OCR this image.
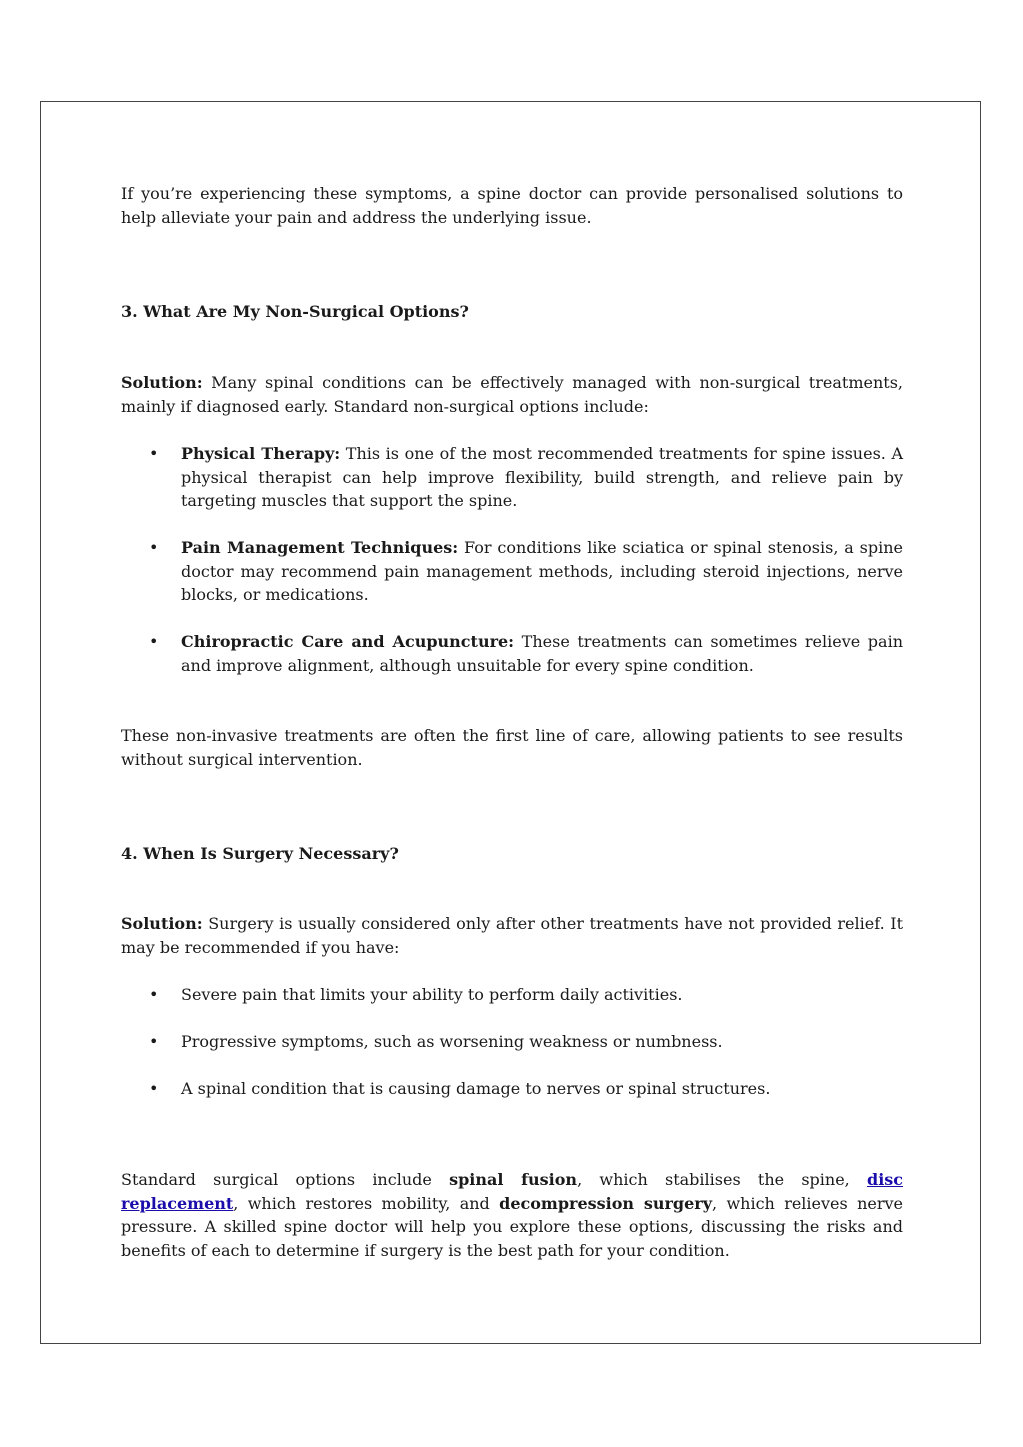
If you’re experiencing these symptoms, a spine doctor can provide personalised solutions to help alleviate your pain and address the underlying issue.

3. What Are My Non-Surgical Options?

Solution: Many spinal conditions can be effectively managed with non-surgical treatments, mainly if diagnosed early. Standard non-surgical options include:

• Physical Therapy: This is one of the most recommended treatments for spine issues. A physical therapist can help improve flexibility, build strength, and relieve pain by targeting muscles that support the spine.
• Pain Management Techniques: For conditions like sciatica or spinal stenosis, a spine doctor may recommend pain management methods, including steroid injections, nerve blocks, or medications.
• Chiropractic Care and Acupuncture: These treatments can sometimes relieve pain and improve alignment, although unsuitable for every spine condition.

These non-invasive treatments are often the first line of care, allowing patients to see results without surgical intervention.

4. When Is Surgery Necessary?

Solution: Surgery is usually considered only after other treatments have not provided relief. It may be recommended if you have:

• Severe pain that limits your ability to perform daily activities.
• Progressive symptoms, such as worsening weakness or numbness.
• A spinal condition that is causing damage to nerves or spinal structures.

Standard surgical options include spinal fusion, which stabilises the spine, disc replacement, which restores mobility, and decompression surgery, which relieves nerve pressure. A skilled spine doctor will help you explore these options, discussing the risks and benefits of each to determine if surgery is the best path for your condition.
